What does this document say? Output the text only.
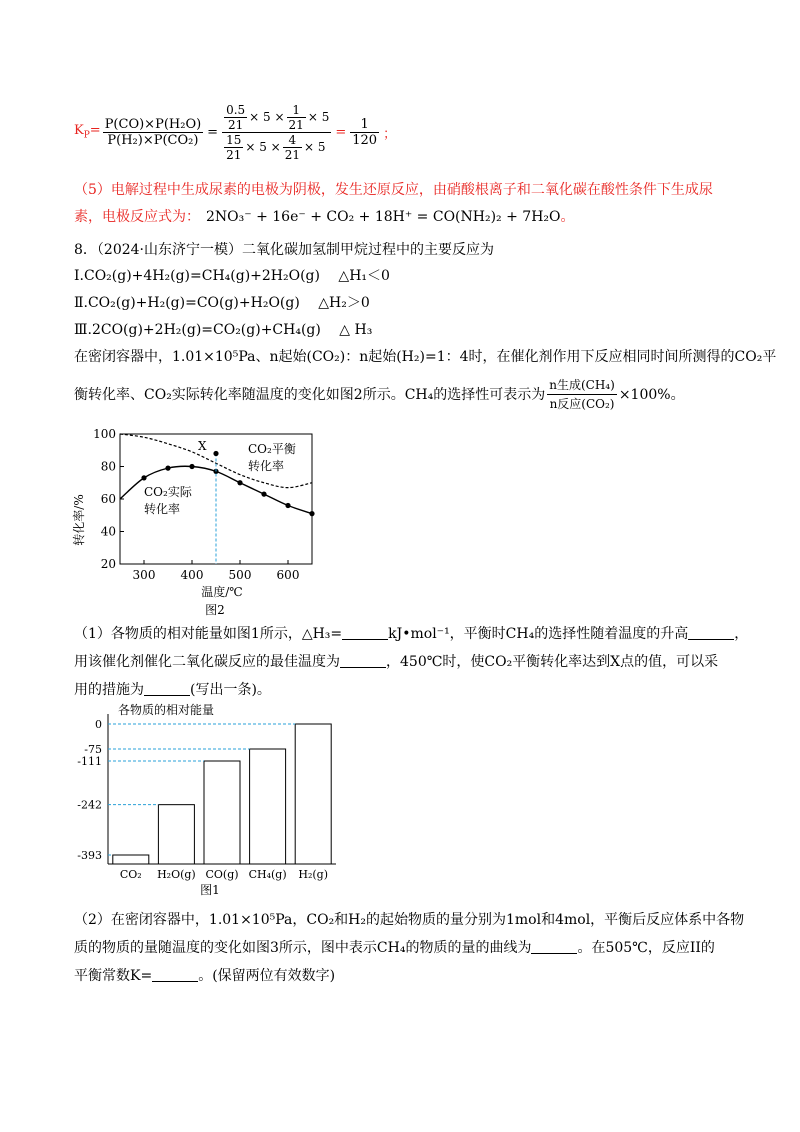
$K_P= \frac{\text{P(CO)×P(H₂O)}}{\text{P(H₂)×P(CO₂)}} = \frac{\frac{0.5}{21} \times 5 \times \frac{1}{21} \times 5}{\frac{15}{21} \times 5 \times \frac{4}{21} \times 5} = \frac{1}{120}$ ；
（5）电解过程中生成尿素的电极为阴极，发生还原反应，由硝酸根离子和二氧化碳在酸性条件下生成尿
素，电极反应式为： 2NO₃⁻ + 16e⁻ + CO₂ + 18H⁺ = CO(NH₂)₂ + 7H₂O。
8．（2024·山东济宁一模）二氧化碳加氢制甲烷过程中的主要反应为
Ⅰ.CO₂(g)+4H₂(g)=CH₄(g)+2H₂O(g)　 △H₁＜0
Ⅱ.CO₂(g)+H₂(g)=CO(g)+H₂O(g)　 △H₂＞0
Ⅲ.2CO(g)+2H₂(g)=CO₂(g)+CH₄(g)　 △ H₃
在密闭容器中，1.01×10⁵Pa、n起始(CO₂)：n起始(H₂)=1：4时，在催化剂作用下反应相同时间所测得的CO₂平
衡转化率、CO₂实际转化率随温度的变化如图2所示。CH₄的选择性可表示为 $\frac{\text{n生成(CH₄)}}{\text{n反应(CO₂)}} \times 100\%$。
20
40
60
80
100
300 400 500 600
转化率/%
温度/℃
图2
X	CO₂平衡
转化率
CO₂实际
转化率
（1）各物质的相对能量如图1所示，△H₃=	kJ•mol⁻¹，平衡时CH₄的选择性随着温度的升高	，
用该催化剂催化二氧化碳反应的最佳温度为	，450℃时，使CO₂平衡转化率达到X点的值，可以采
用的措施为	(写出一条)。
CO₂ H₂O(g) CO(g) CH₄(g) H₂(g)
0
-75
-111
-242
-393
各物质的相对能量
图1
（2）在密闭容器中，1.01×10⁵Pa，CO₂和H₂的起始物质的量分别为1mol和4mol，平衡后反应体系中各物
质的物质的量随温度的变化如图3所示，图中表示CH₄的物质的量的曲线为	。在505℃，反应II的
平衡常数K=	。(保留两位有效数字)
